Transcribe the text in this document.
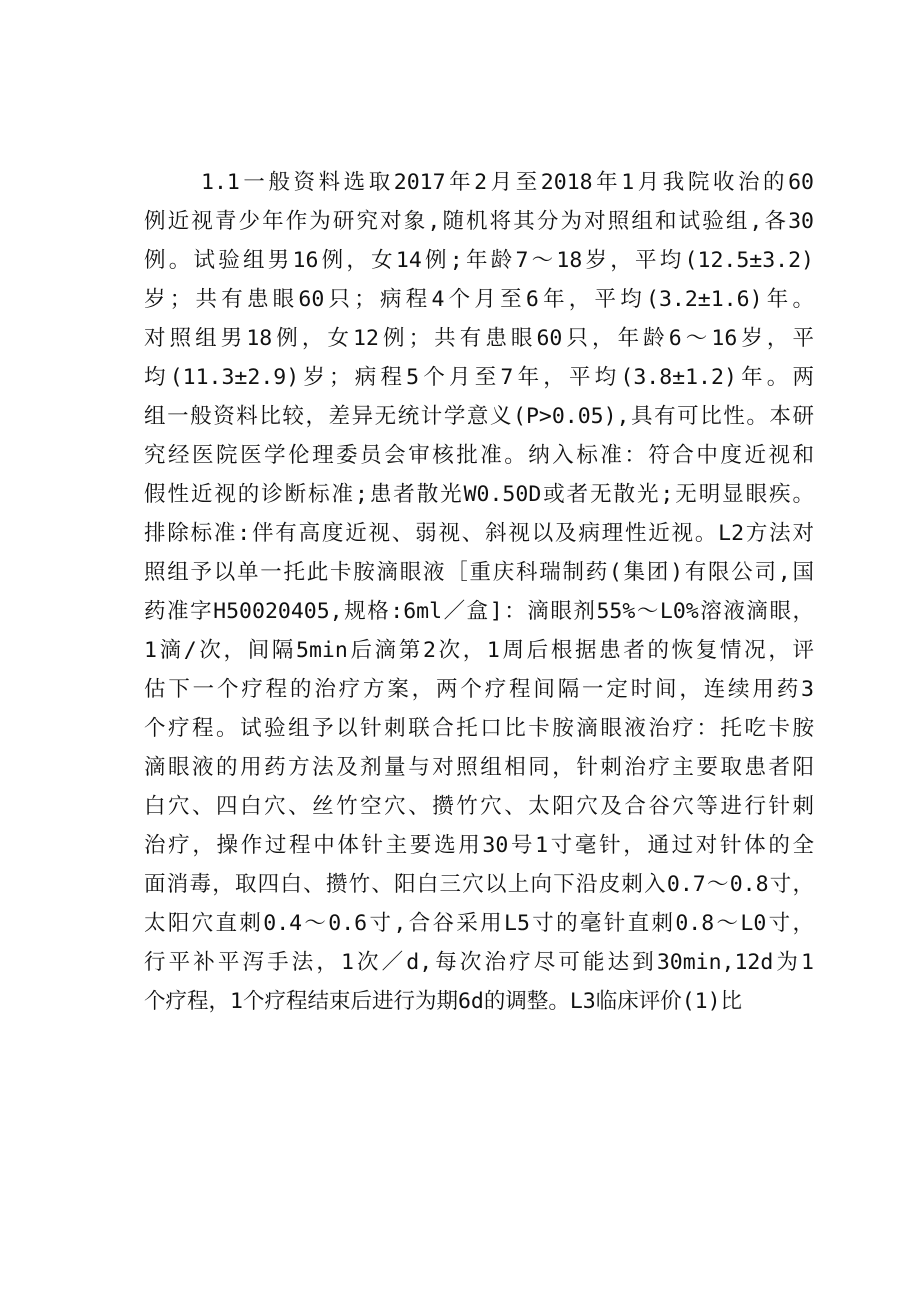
1.1一般资料选取2017年2月至2018年1月我院收治的60
例近视青少年作为研究对象,随机将其分为对照组和试验组,各30
例。试验组男16例，女14例;年龄7～18岁，平均(12.5±3.2)
岁；共有患眼60只；病程4个月至6年，平均(3.2±1.6)年。
对照组男18例，女12例；共有患眼60只，年龄6～16岁，平
均(11.3±2.9)岁；病程5个月至7年，平均(3.8±1.2)年。两
组一般资料比较，差异无统计学意义(P>0.05),具有可比性。本研
究经医院医学伦理委员会审核批准。纳入标准：符合中度近视和
假性近视的诊断标准;患者散光W0.50D或者无散光;无明显眼疾。
排除标准:伴有高度近视、弱视、斜视以及病理性近视。L2方法对
照组予以单一托此卡胺滴眼液［重庆科瑞制药(集团)有限公司,国
药准字H50020405,规格:6ml／盒]：滴眼剂55%～L0%溶液滴眼，
1滴/次，间隔5min后滴第2次，1周后根据患者的恢复情况，评
估下一个疗程的治疗方案，两个疗程间隔一定时间，连续用药3
个疗程。试验组予以针刺联合托口比卡胺滴眼液治疗：托吃卡胺
滴眼液的用药方法及剂量与对照组相同，针刺治疗主要取患者阳
白穴、四白穴、丝竹空穴、攒竹穴、太阳穴及合谷穴等进行针刺
治疗，操作过程中体针主要选用30号1寸毫针，通过对针体的全
面消毒，取四白、攒竹、阳白三穴以上向下沿皮刺入0.7～0.8寸，
太阳穴直刺0.4～0.6寸,合谷采用L5寸的毫针直刺0.8～L0寸，
行平补平泻手法，1次／d,每次治疗尽可能达到30min,12d为1
个疗程，1个疗程结束后进行为期6d的调整。L3临床评价(1)比
